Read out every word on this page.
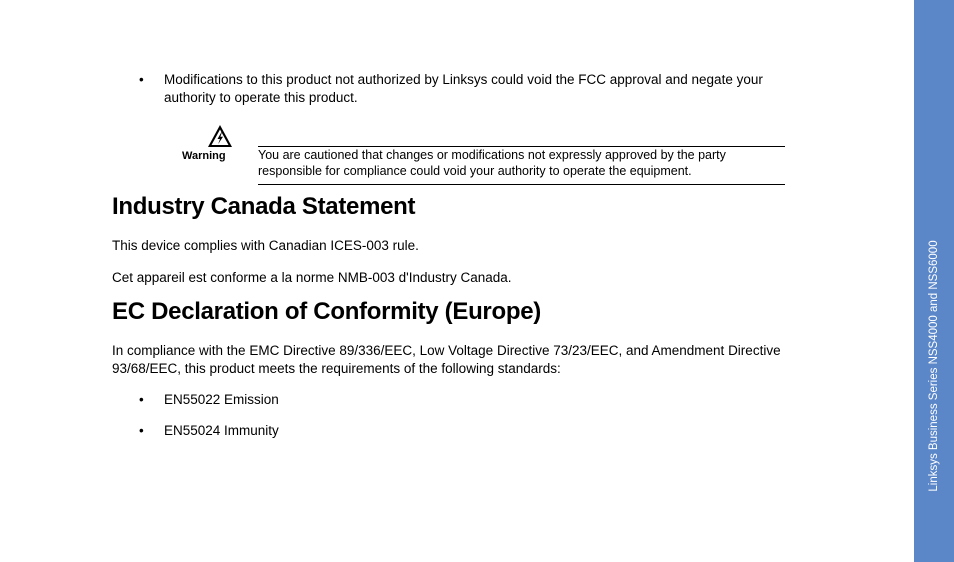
• Modifications to this product not authorized by Linksys could void the FCC approval and negate your authority to operate this product.

Warning	You are cautioned that changes or modifications not expressly approved by the party responsible for compliance could void your authority to operate the equipment.

Industry Canada Statement

This device complies with Canadian ICES-003 rule.

Cet appareil est conforme a la norme NMB-003 d'Industry Canada.

EC Declaration of Conformity (Europe)

In compliance with the EMC Directive 89/336/EEC, Low Voltage Directive 73/23/EEC, and Amendment Directive 93/68/EEC, this product meets the requirements of the following standards:

• EN55022 Emission

• EN55024 Immunity	Linksys Business Series NSS4000 and NSS6000
